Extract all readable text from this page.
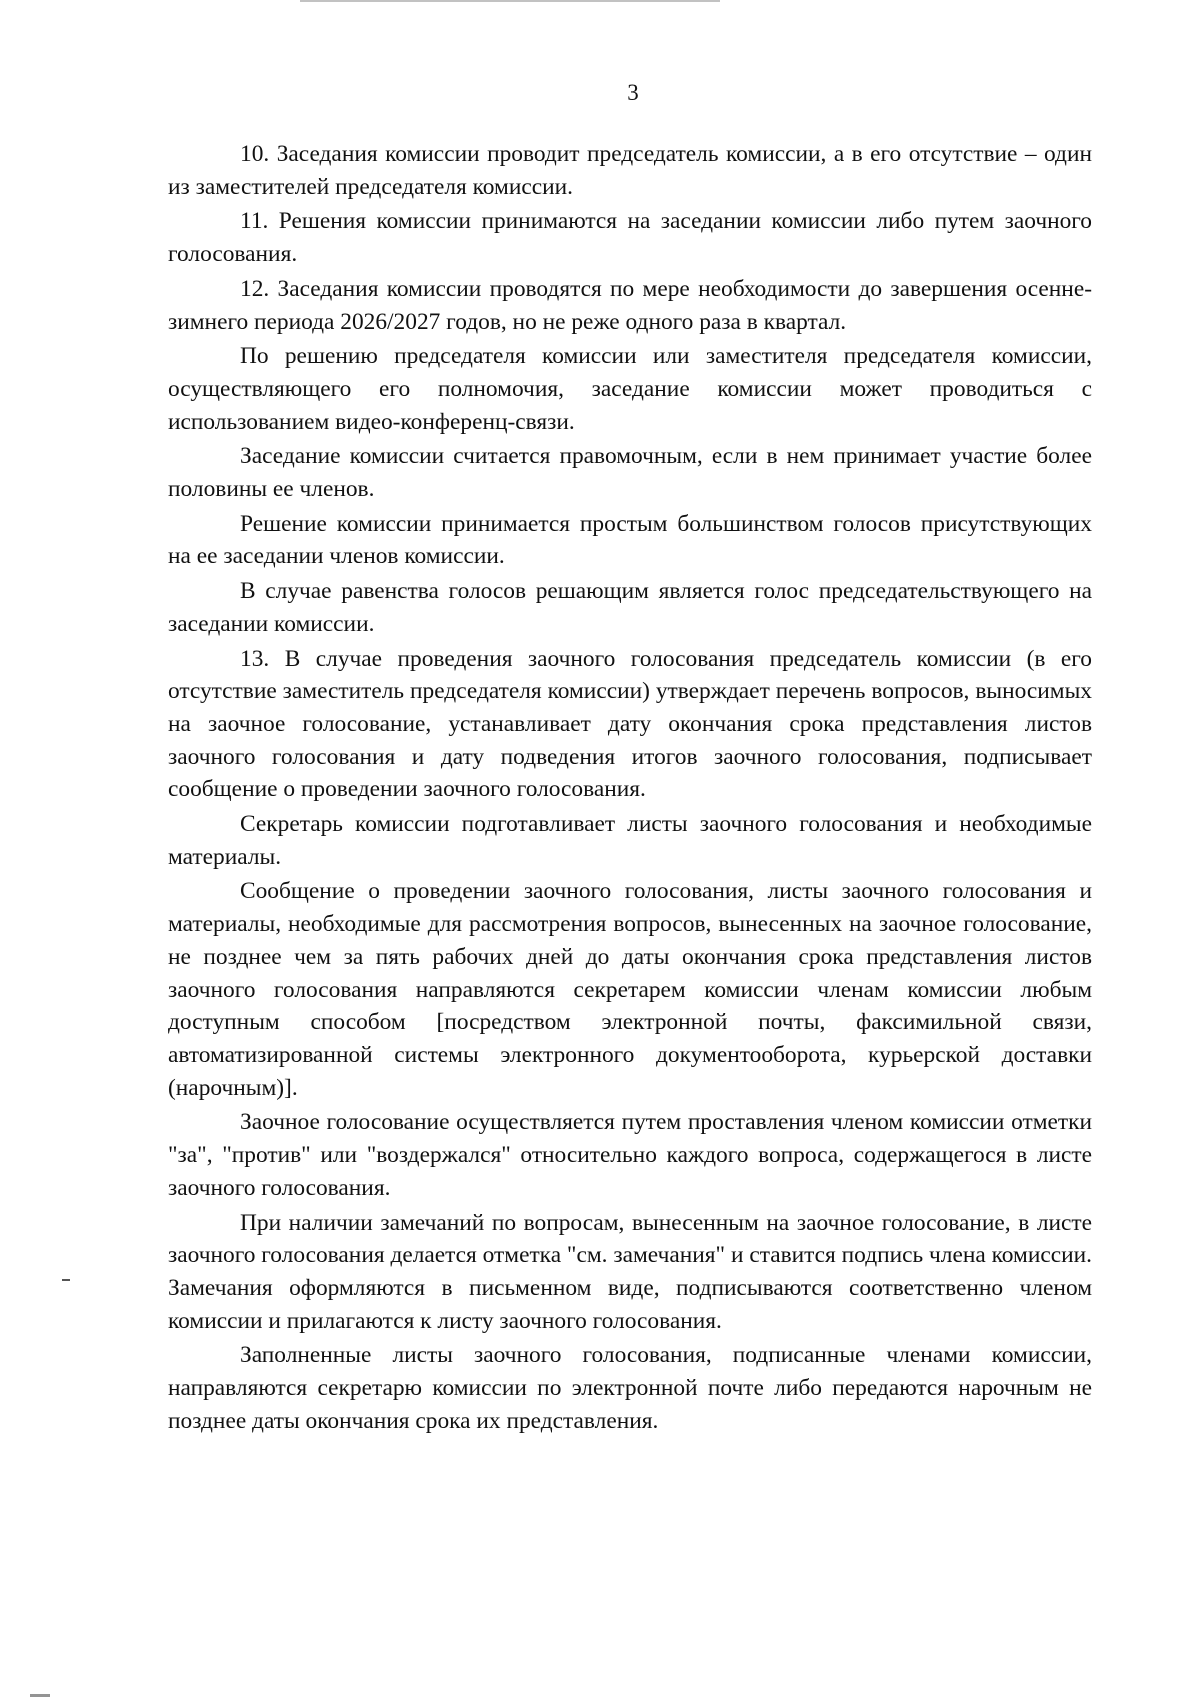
3

10. Заседания комиссии проводит председатель комиссии, а в его отсутствие – один из заместителей председателя комиссии.

11. Решения комиссии принимаются на заседании комиссии либо путем заочного голосования.

12. Заседания комиссии проводятся по мере необходимости до завершения осенне-зимнего периода 2026/2027 годов, но не реже одного раза в квартал.

По решению председателя комиссии или заместителя председателя комиссии, осуществляющего его полномочия, заседание комиссии может проводиться с использованием видео-конференц-связи.

Заседание комиссии считается правомочным, если в нем принимает участие более половины ее членов.

Решение комиссии принимается простым большинством голосов присутствующих на ее заседании членов комиссии.

В случае равенства голосов решающим является голос председательствующего на заседании комиссии.

13. В случае проведения заочного голосования председатель комиссии (в его отсутствие заместитель председателя комиссии) утверждает перечень вопросов, выносимых на заочное голосование, устанавливает дату окончания срока представления листов заочного голосования и дату подведения итогов заочного голосования, подписывает сообщение о проведении заочного голосования.

Секретарь комиссии подготавливает листы заочного голосования и необходимые материалы.

Сообщение о проведении заочного голосования, листы заочного голосования и материалы, необходимые для рассмотрения вопросов, вынесенных на заочное голосование, не позднее чем за пять рабочих дней до даты окончания срока представления листов заочного голосования направляются секретарем комиссии членам комиссии любым доступным способом [посредством электронной почты, факсимильной связи, автоматизированной системы электронного документооборота, курьерской доставки (нарочным)].

Заочное голосование осуществляется путем проставления членом комиссии отметки "за", "против" или "воздержался" относительно каждого вопроса, содержащегося в листе заочного голосования.

При наличии замечаний по вопросам, вынесенным на заочное голосование, в листе заочного голосования делается отметка "см. замечания" и ставится подпись члена комиссии. Замечания оформляются в письменном виде, подписываются соответственно членом комиссии и прилагаются к листу заочного голосования.

Заполненные листы заочного голосования, подписанные членами комиссии, направляются секретарю комиссии по электронной почте либо передаются нарочным не позднее даты окончания срока их представления.
